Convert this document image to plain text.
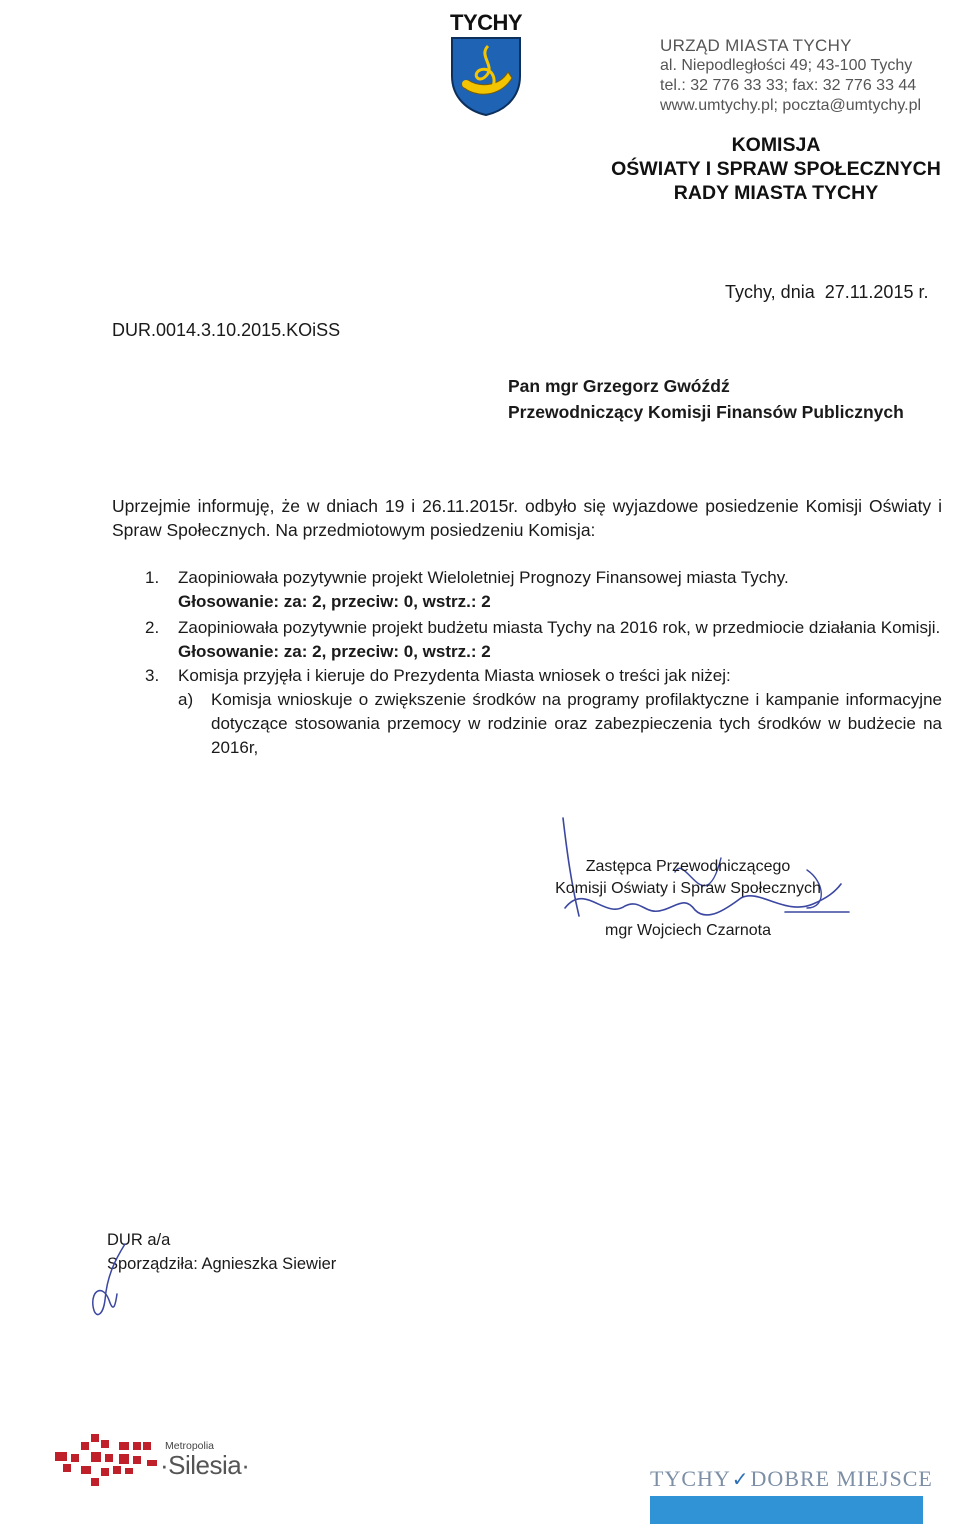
TYCHY
URZĄD MIASTA TYCHY
al. Niepodległości 49; 43-100 Tychy
tel.: 32 776 33 33; fax: 32 776 33 44
www.umtychy.pl; poczta@umtychy.pl
KOMISJA
OŚWIATY I SPRAW SPOŁECZNYCH
RADY MIASTA TYCHY
Tychy, dnia  27.11.2015 r.
DUR.0014.3.10.2015.KOiSS
Pan mgr Grzegorz Gwóźdź
Przewodniczący Komisji Finansów Publicznych
Uprzejmie informuję, że w dniach 19 i 26.11.2015r. odbyło się wyjazdowe posiedzenie Komisji Oświaty i Spraw Społecznych. Na przedmiotowym posiedzeniu Komisja:
1. Zaopiniowała pozytywnie projekt Wieloletniej Prognozy Finansowej miasta Tychy.
Głosowanie: za: 2, przeciw: 0, wstrz.: 2
2. Zaopiniowała pozytywnie projekt budżetu miasta Tychy na 2016 rok, w przedmiocie działania Komisji.
Głosowanie: za: 2, przeciw: 0, wstrz.: 2
3. Komisja przyjęła i kieruje do Prezydenta Miasta wniosek o treści jak niżej:
a) Komisja wnioskuje o zwiększenie środków na programy profilaktyczne i kampanie informacyjne dotyczące stosowania przemocy w rodzinie oraz zabezpieczenia tych środków w budżecie na 2016r,
Zastępca Przewodniczącego
Komisji Oświaty i Spraw Społecznych
mgr Wojciech Czarnota
DUR a/a
Sporządziła: Agnieszka Siewier
Metropolia
·Silesia·	TYCHY✓DOBRE MIEJSCE
